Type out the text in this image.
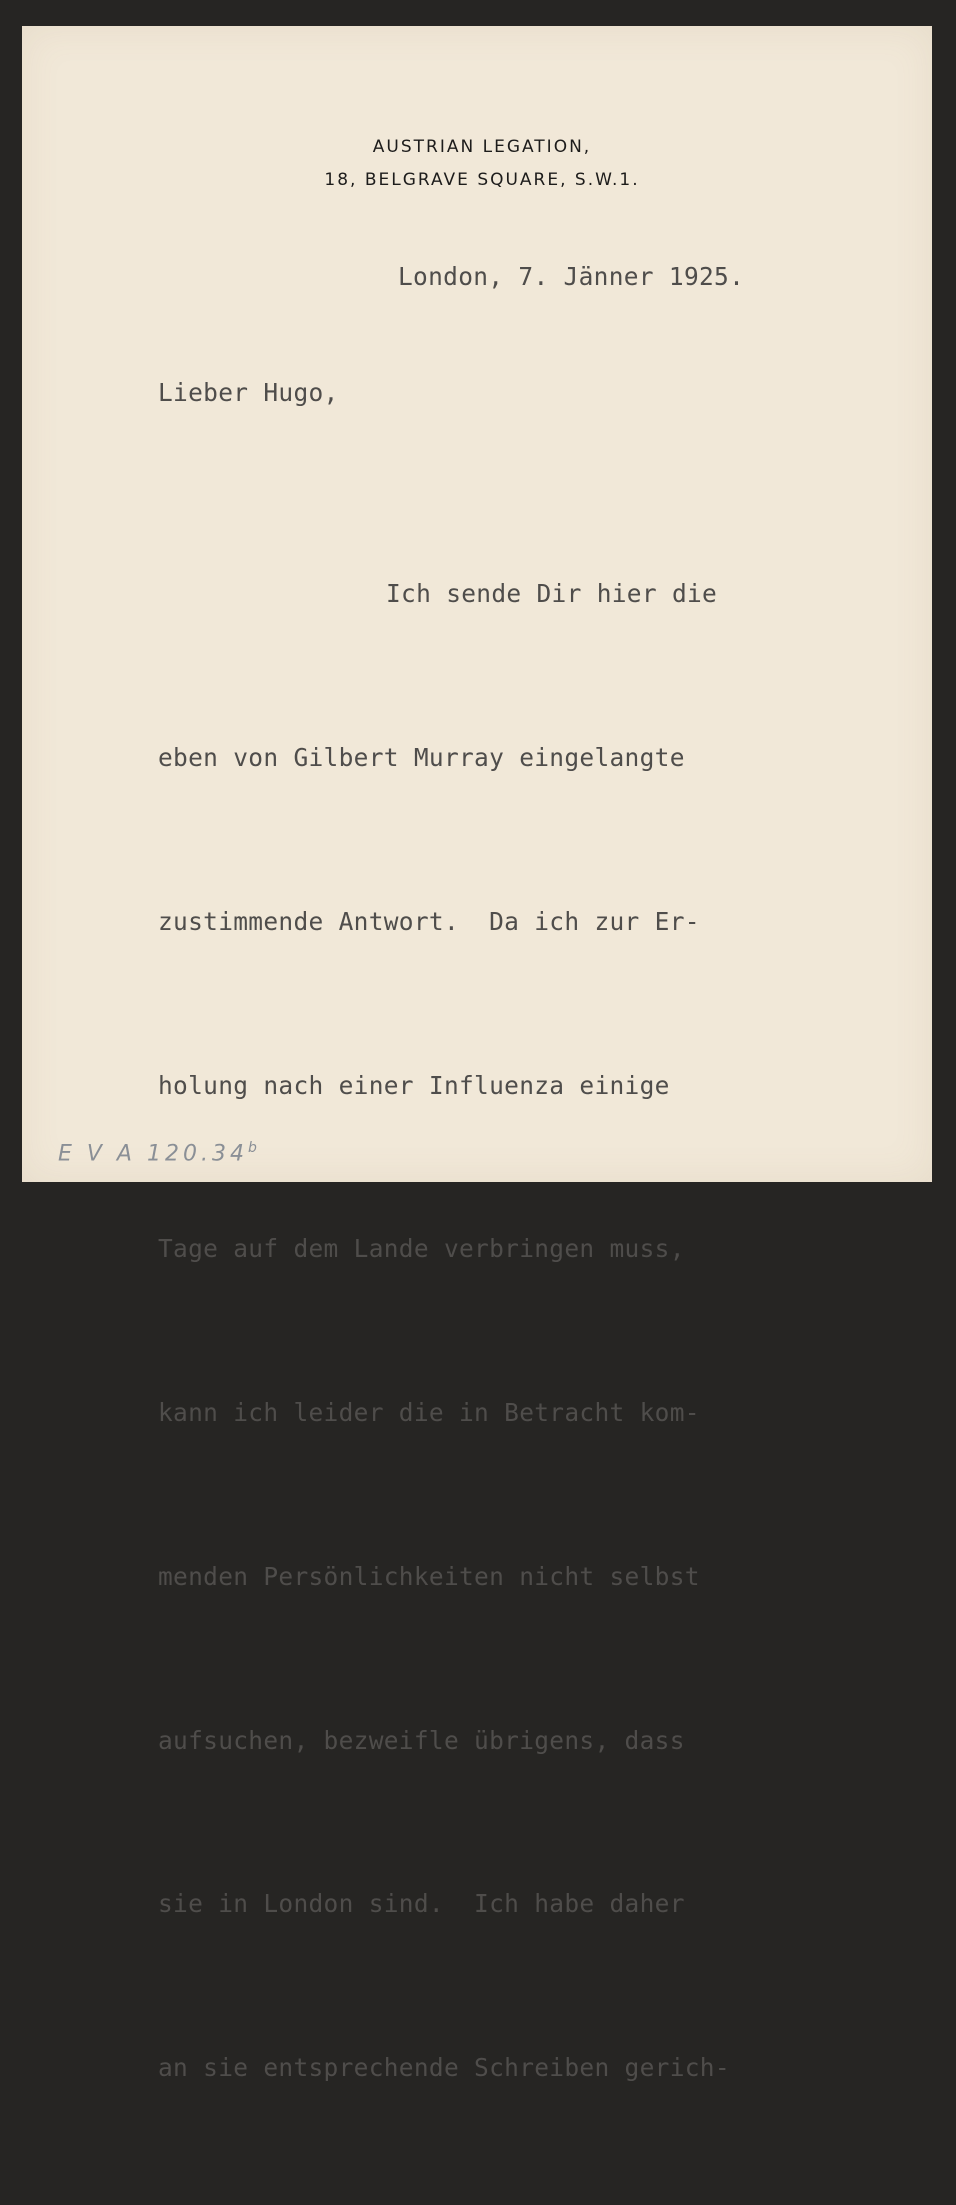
AUSTRIAN LEGATION,
18, BELGRAVE SQUARE, S.W.1.
London, 7. Jänner 1925.
Lieber Hugo,

Ich sende Dir hier die

eben von Gilbert Murray eingelangte

zustimmende Antwort.  Da ich zur Er-

holung nach einer Influenza einige

Tage auf dem Lande verbringen muss,

kann ich leider die in Betracht kom-

menden Persönlichkeiten nicht selbst

aufsuchen, bezweifle übrigens, dass

sie in London sind.  Ich habe daher

an sie entsprechende Schreiben gerich-

E V A 120.34$^b$
